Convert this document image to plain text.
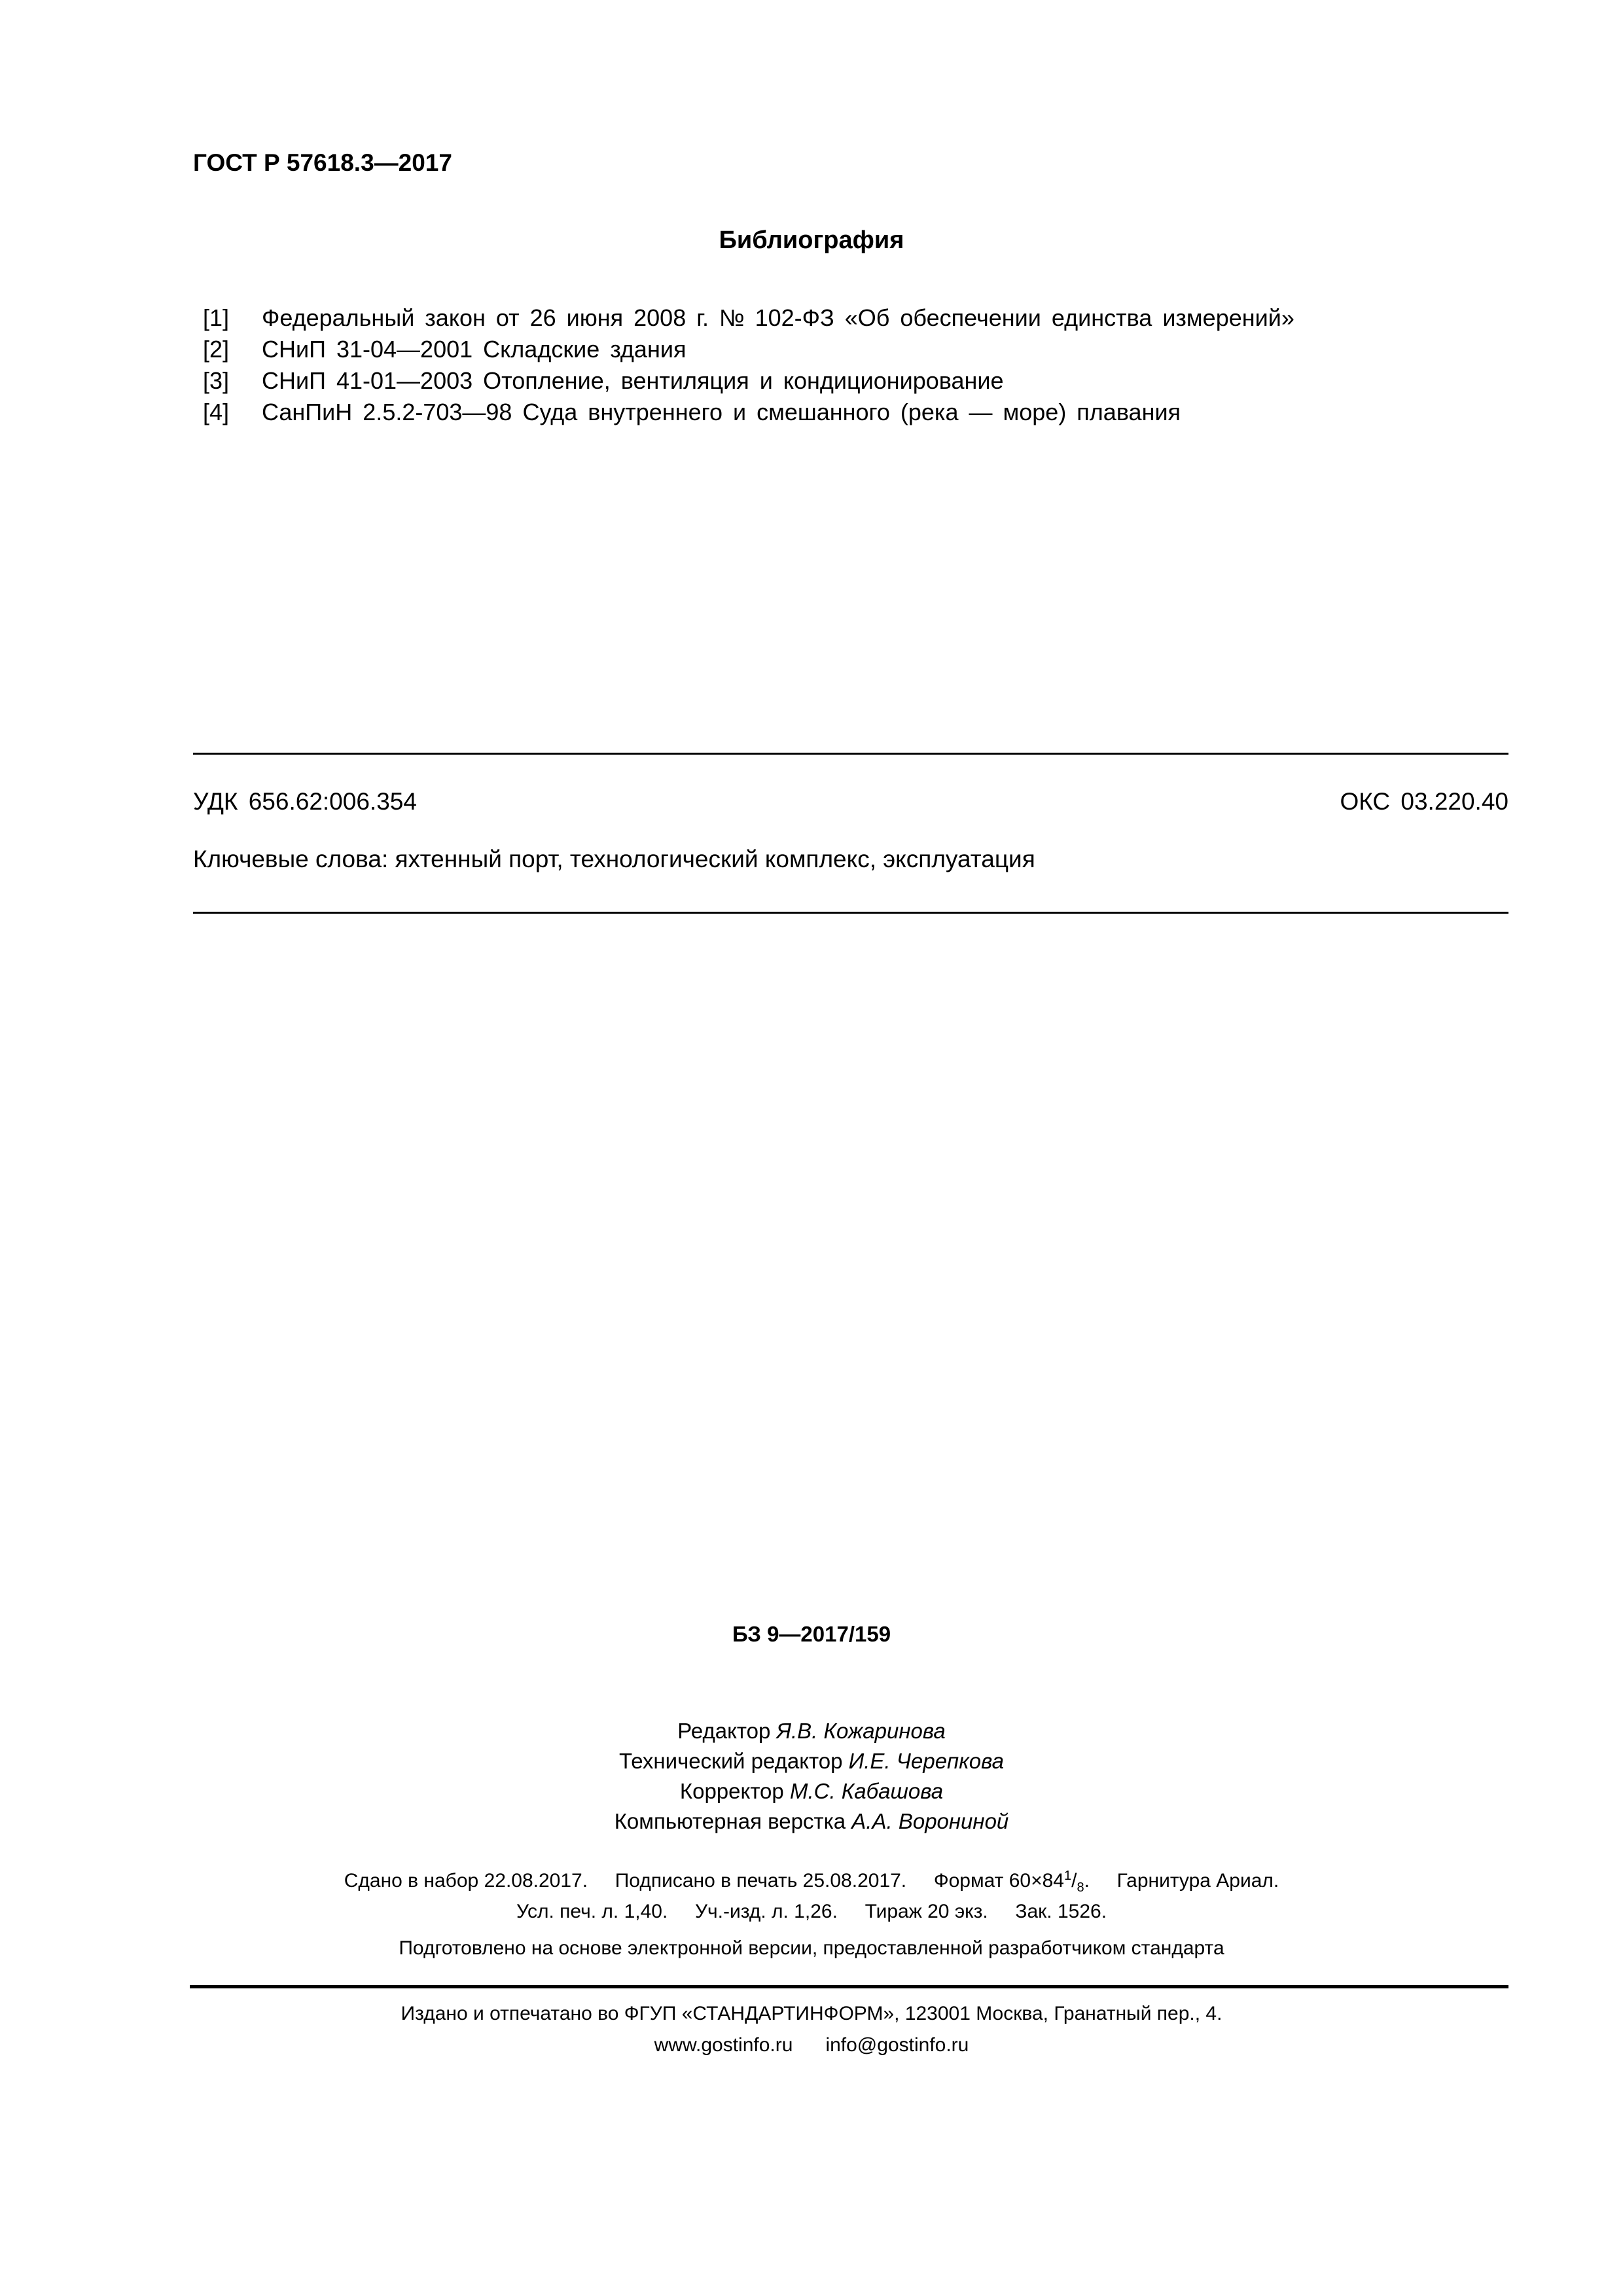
ГОСТ Р 57618.3—2017
Библиография
[1]	Федеральный закон от 26 июня 2008 г. № 102-ФЗ «Об обеспечении единства измерений»
[2]	СНиП 31-04—2001 Складские здания
[3]	СНиП 41-01—2003 Отопление, вентиляция и кондиционирование
[4]	СанПиН 2.5.2-703—98 Суда внутреннего и смешанного (река — море) плавания
УДК 656.62:006.354	ОКС 03.220.40
Ключевые слова: яхтенный порт, технологический комплекс, эксплуатация
БЗ 9—2017/159
Редактор Я.В. Кожаринова
Технический редактор И.Е. Черепкова
Корректор М.С. Кабашова
Компьютерная верстка А.А. Ворониной
Сдано в набор 22.08.2017.     Подписано в печать 25.08.2017.     Формат $60\times 84^1/_8$.     Гарнитура Ариал.
Усл. печ. л. 1,40.     Уч.-изд. л. 1,26.     Тираж 20 экз.     Зак. 1526.
Подготовлено на основе электронной версии, предоставленной разработчиком стандарта
Издано и отпечатано во ФГУП «СТАНДАРТИНФОРМ», 123001 Москва, Гранатный пер., 4.
www.gostinfo.ru info@gostinfo.ru
